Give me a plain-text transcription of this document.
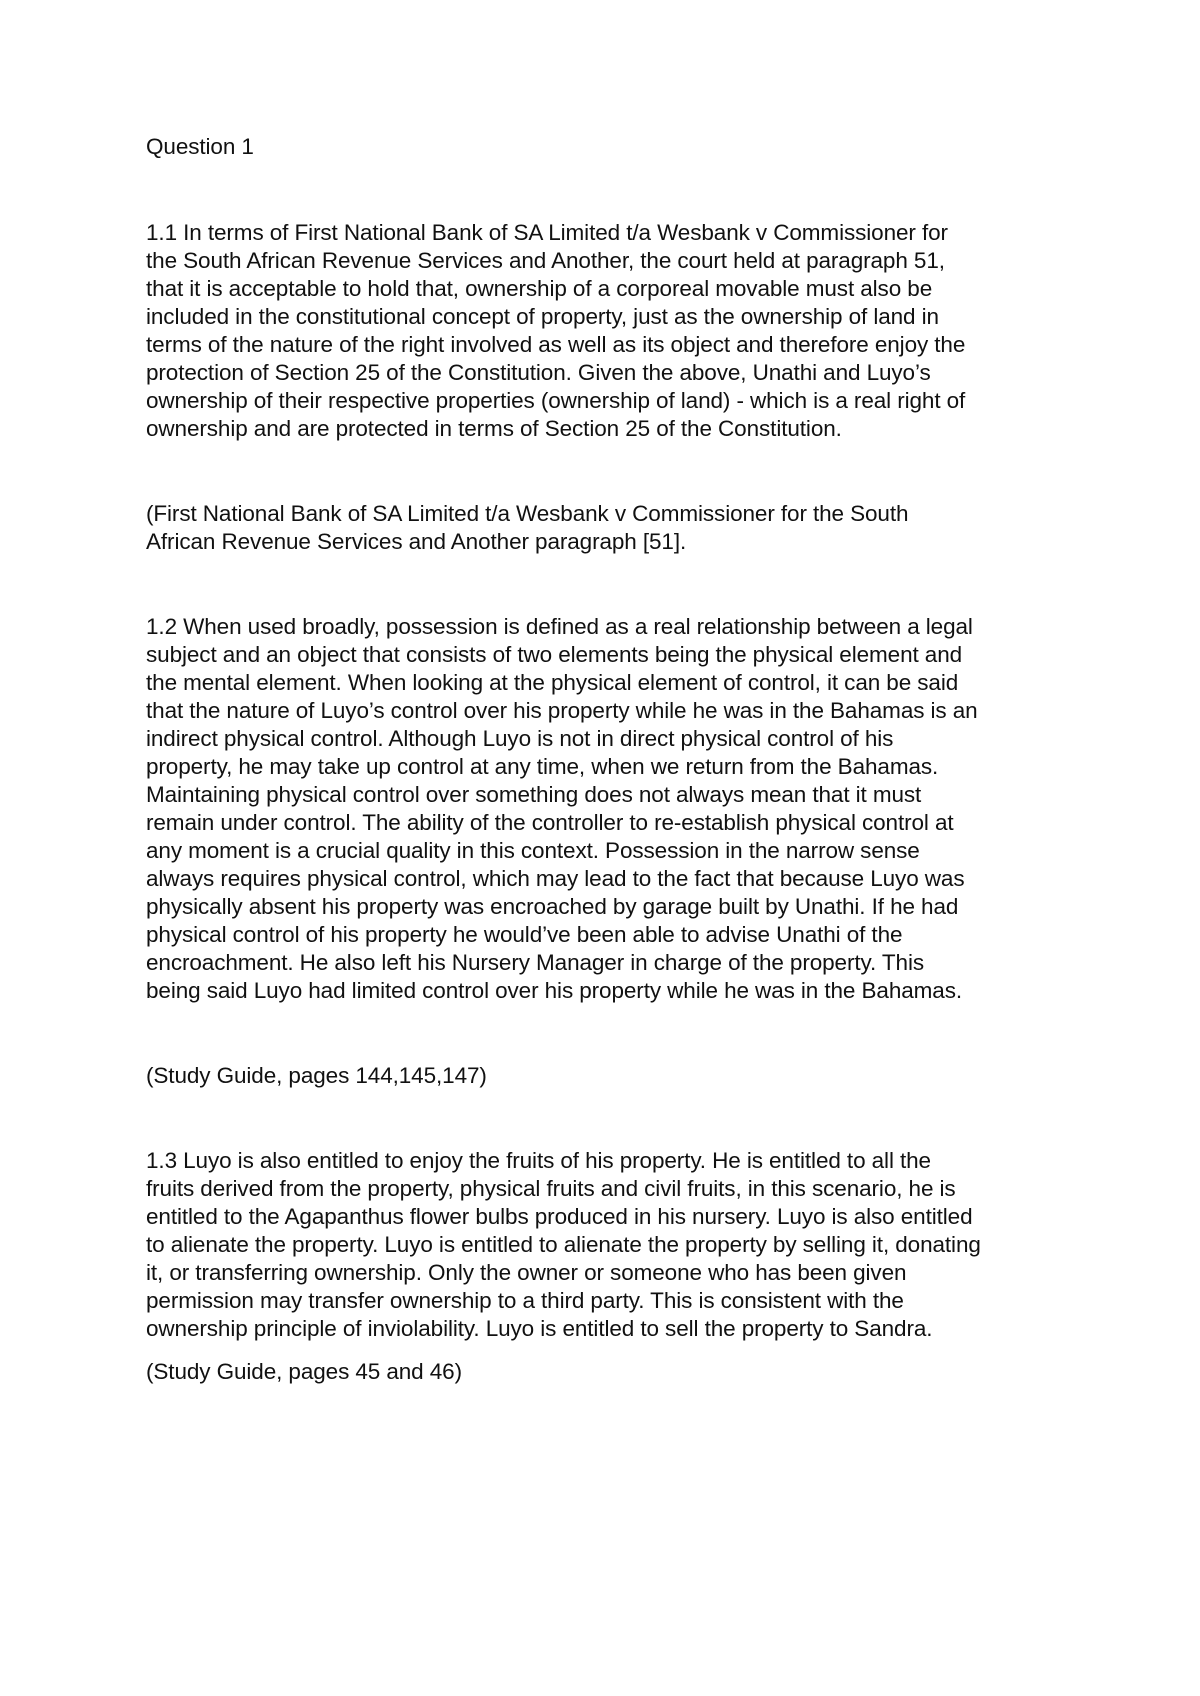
Question 1
1.1 In terms of First National Bank of SA Limited t/a Wesbank v Commissioner for
the South African Revenue Services and Another, the court held at paragraph 51,
that it is acceptable to hold that, ownership of a corporeal movable must also be
included in the constitutional concept of property, just as the ownership of land in
terms of the nature of the right involved as well as its object and therefore enjoy the
protection of Section 25 of the Constitution. Given the above, Unathi and Luyo’s
ownership of their respective properties (ownership of land) - which is a real right of
ownership and are protected in terms of Section 25 of the Constitution.
(First National Bank of SA Limited t/a Wesbank v Commissioner for the South
African Revenue Services and Another paragraph [51].
1.2 When used broadly, possession is defined as a real relationship between a legal
subject and an object that consists of two elements being the physical element and
the mental element. When looking at the physical element of control, it can be said
that the nature of Luyo’s control over his property while he was in the Bahamas is an
indirect physical control. Although Luyo is not in direct physical control of his
property, he may take up control at any time, when we return from the Bahamas.
Maintaining physical control over something does not always mean that it must
remain under control. The ability of the controller to re-establish physical control at
any moment is a crucial quality in this context. Possession in the narrow sense
always requires physical control, which may lead to the fact that because Luyo was
physically absent his property was encroached by garage built by Unathi. If he had
physical control of his property he would’ve been able to advise Unathi of the
encroachment. He also left his Nursery Manager in charge of the property. This
being said Luyo had limited control over his property while he was in the Bahamas.
(Study Guide, pages 144,145,147)
1.3 Luyo is also entitled to enjoy the fruits of his property. He is entitled to all the
fruits derived from the property, physical fruits and civil fruits, in this scenario, he is
entitled to the Agapanthus flower bulbs produced in his nursery. Luyo is also entitled
to alienate the property. Luyo is entitled to alienate the property by selling it, donating
it, or transferring ownership. Only the owner or someone who has been given
permission may transfer ownership to a third party. This is consistent with the
ownership principle of inviolability. Luyo is entitled to sell the property to Sandra.
(Study Guide, pages 45 and 46)
